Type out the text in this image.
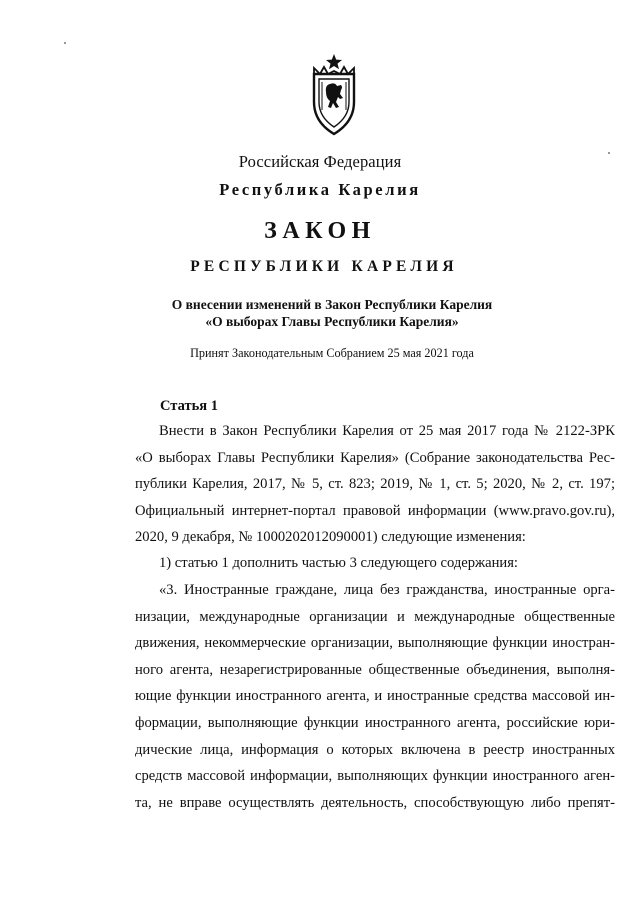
Российская Федерация
Республика Карелия
ЗАКОН
РЕСПУБЛИКИ КАРЕЛИЯ
О внесении изменений в Закон Республики Карелия
«О выборах Главы Республики Карелия»
Принят Законодательным Собранием 25 мая 2021 года
Статья 1
Внести в Закон Республики Карелия от 25 мая 2017 года № 2122-ЗРК
«О выборах Главы Республики Карелия» (Собрание законодательства Рес-
публики Карелия, 2017, № 5, ст. 823; 2019, № 1, ст. 5; 2020, № 2, ст. 197;
Официальный интернет-портал правовой информации (www.pravo.gov.ru),
2020, 9 декабря, № 1000202012090001) следующие изменения:
1) статью 1 дополнить частью 3 следующего содержания:
«3. Иностранные граждане, лица без гражданства, иностранные орга-
низации, международные организации и международные общественные
движения, некоммерческие организации, выполняющие функции иностран-
ного агента, незарегистрированные общественные объединения, выполня-
ющие функции иностранного агента, и иностранные средства массовой ин-
формации, выполняющие функции иностранного агента, российские юри-
дические лица, информация о которых включена в реестр иностранных
средств массовой информации, выполняющих функции иностранного аген-
та, не вправе осуществлять деятельность, способствующую либо препят-
